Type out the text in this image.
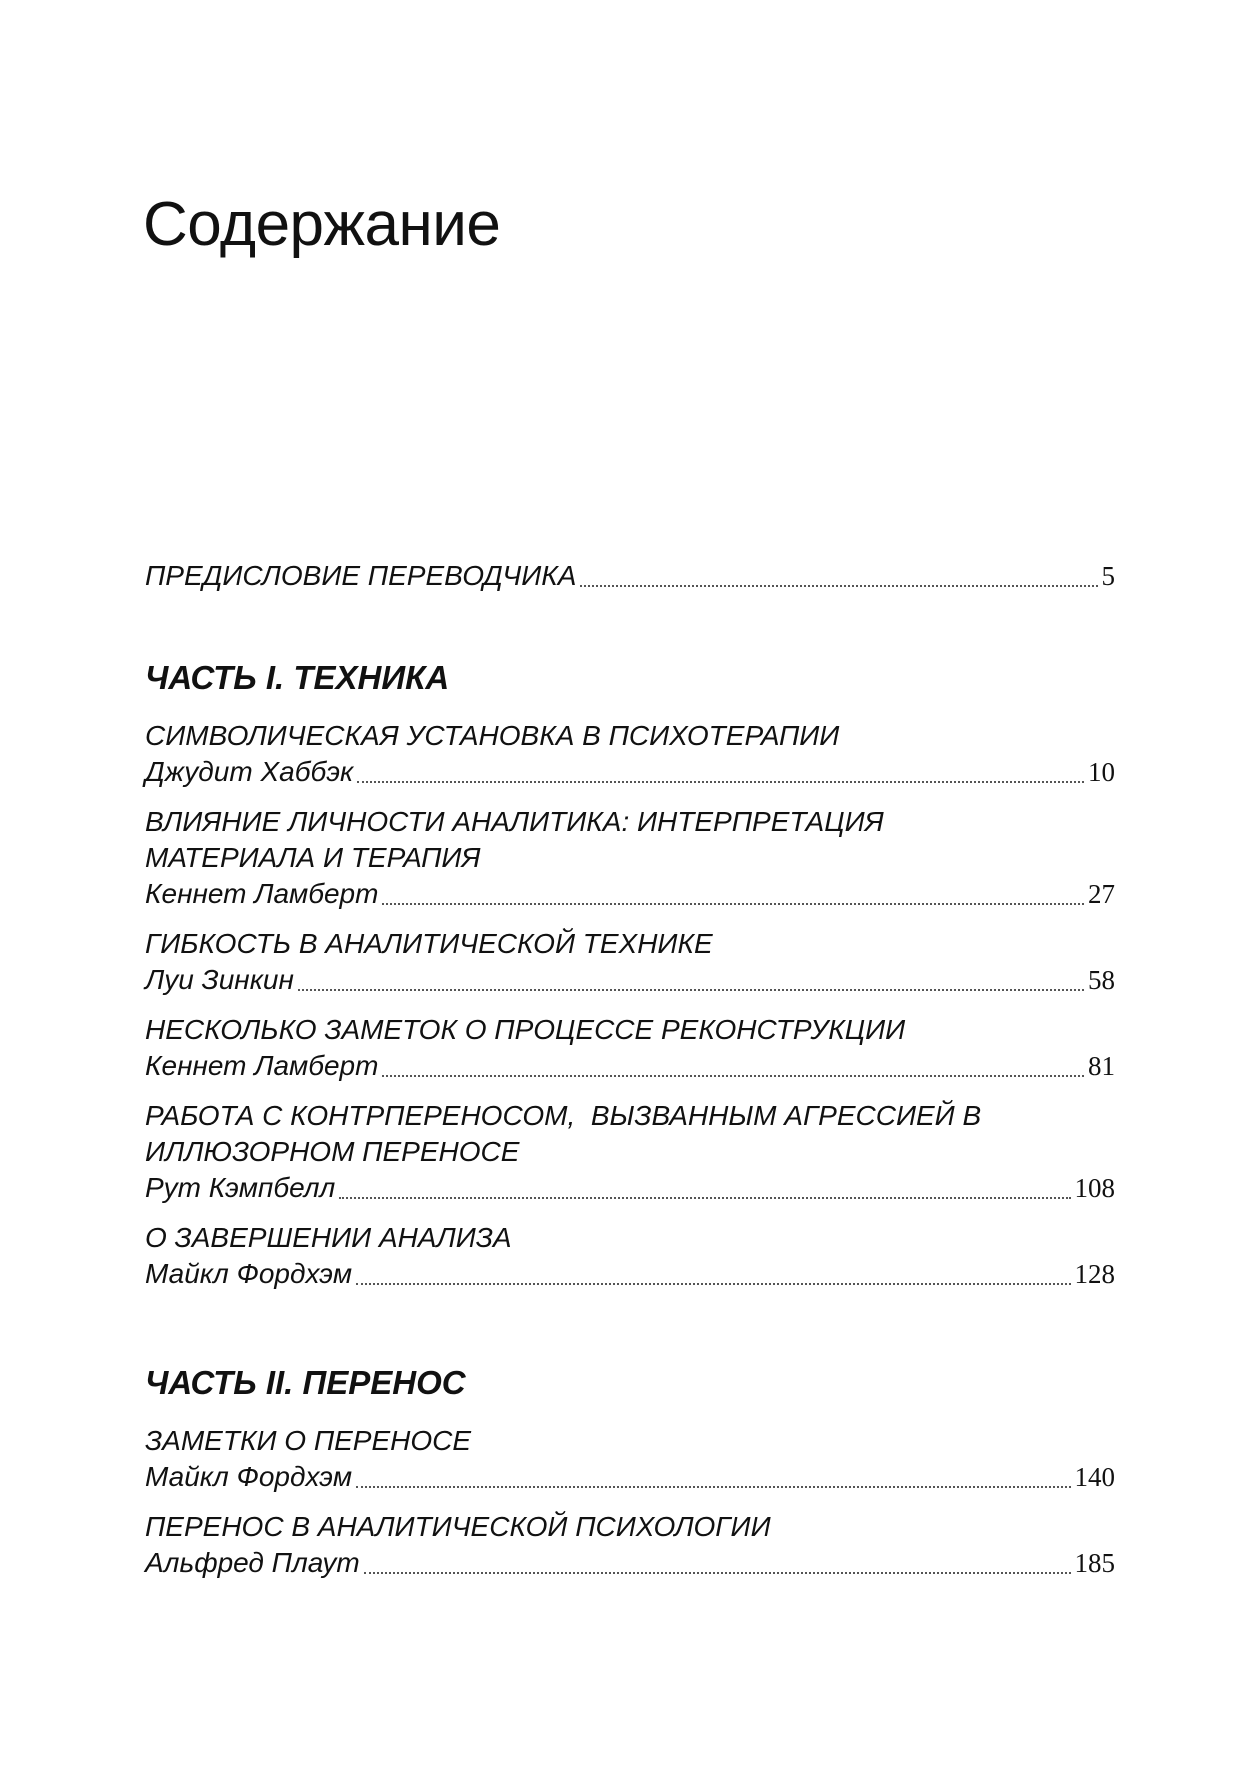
Содержание
ПРЕДИСЛОВИЕ ПЕРЕВОДЧИКА	5
ЧАСТЬ I. ТЕХНИКА
СИМВОЛИЧЕСКАЯ УСТАНОВКА В ПСИХОТЕРАПИИ
Джудит Хаббэк	10
ВЛИЯНИЕ ЛИЧНОСТИ АНАЛИТИКА: ИНТЕРПРЕТАЦИЯ
МАТЕРИАЛА И ТЕРАПИЯ
Кеннет Ламберт	27
ГИБКОСТЬ В АНАЛИТИЧЕСКОЙ ТЕХНИКЕ
Луи Зинкин	58
НЕСКОЛЬКО ЗАМЕТОК О ПРОЦЕССЕ РЕКОНСТРУКЦИИ
Кеннет Ламберт	81
РАБОТА С КОНТРПЕРЕНОСОМ,  ВЫЗВАННЫМ АГРЕССИЕЙ В
ИЛЛЮЗОРНОМ ПЕРЕНОСЕ
Рут Кэмпбелл	108
О ЗАВЕРШЕНИИ АНАЛИЗА
Майкл Фордхэм	128
ЧАСТЬ II. ПЕРЕНОС
ЗАМЕТКИ О ПЕРЕНОСЕ
Майкл Фордхэм	140
ПЕРЕНОС В АНАЛИТИЧЕСКОЙ ПСИХОЛОГИИ
Альфред Плаут	185
